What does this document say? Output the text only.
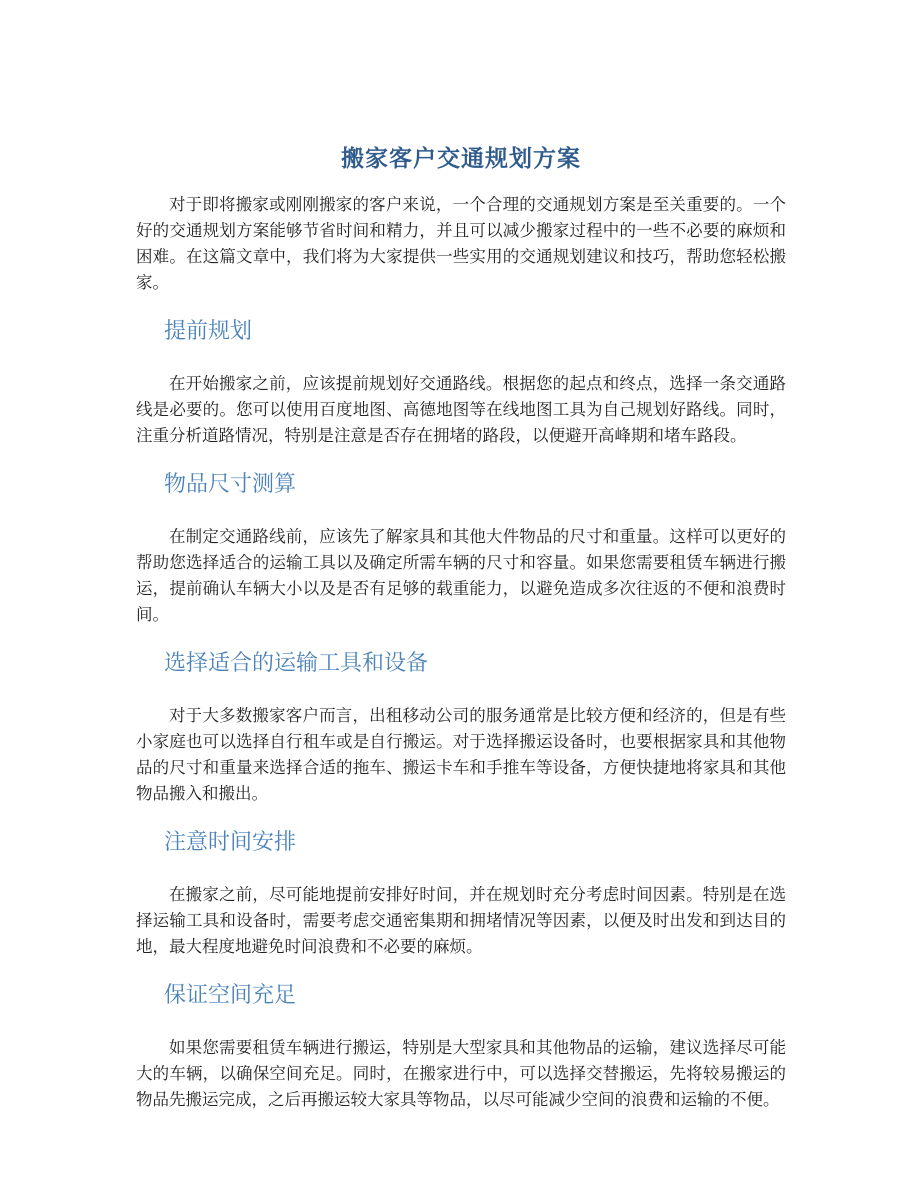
搬家客户交通规划方案

对于即将搬家或刚刚搬家的客户来说，一个合理的交通规划方案是至关重要的。一个好的交通规划方案能够节省时间和精力，并且可以减少搬家过程中的一些不必要的麻烦和困难。在这篇文章中，我们将为大家提供一些实用的交通规划建议和技巧，帮助您轻松搬家。

提前规划

在开始搬家之前，应该提前规划好交通路线。根据您的起点和终点，选择一条交通路线是必要的。您可以使用百度地图、高德地图等在线地图工具为自己规划好路线。同时，注重分析道路情况，特别是注意是否存在拥堵的路段，以便避开高峰期和堵车路段。

物品尺寸测算

在制定交通路线前，应该先了解家具和其他大件物品的尺寸和重量。这样可以更好的帮助您选择适合的运输工具以及确定所需车辆的尺寸和容量。如果您需要租赁车辆进行搬运，提前确认车辆大小以及是否有足够的载重能力，以避免造成多次往返的不便和浪费时间。

选择适合的运输工具和设备

对于大多数搬家客户而言，出租移动公司的服务通常是比较方便和经济的，但是有些小家庭也可以选择自行租车或是自行搬运。对于选择搬运设备时，也要根据家具和其他物品的尺寸和重量来选择合适的拖车、搬运卡车和手推车等设备，方便快捷地将家具和其他物品搬入和搬出。

注意时间安排

在搬家之前，尽可能地提前安排好时间，并在规划时充分考虑时间因素。特别是在选择运输工具和设备时，需要考虑交通密集期和拥堵情况等因素，以便及时出发和到达目的地，最大程度地避免时间浪费和不必要的麻烦。

保证空间充足

如果您需要租赁车辆进行搬运，特别是大型家具和其他物品的运输，建议选择尽可能大的车辆，以确保空间充足。同时，在搬家进行中，可以选择交替搬运，先将较易搬运的物品先搬运完成，之后再搬运较大家具等物品，以尽可能减少空间的浪费和运输的不便。
